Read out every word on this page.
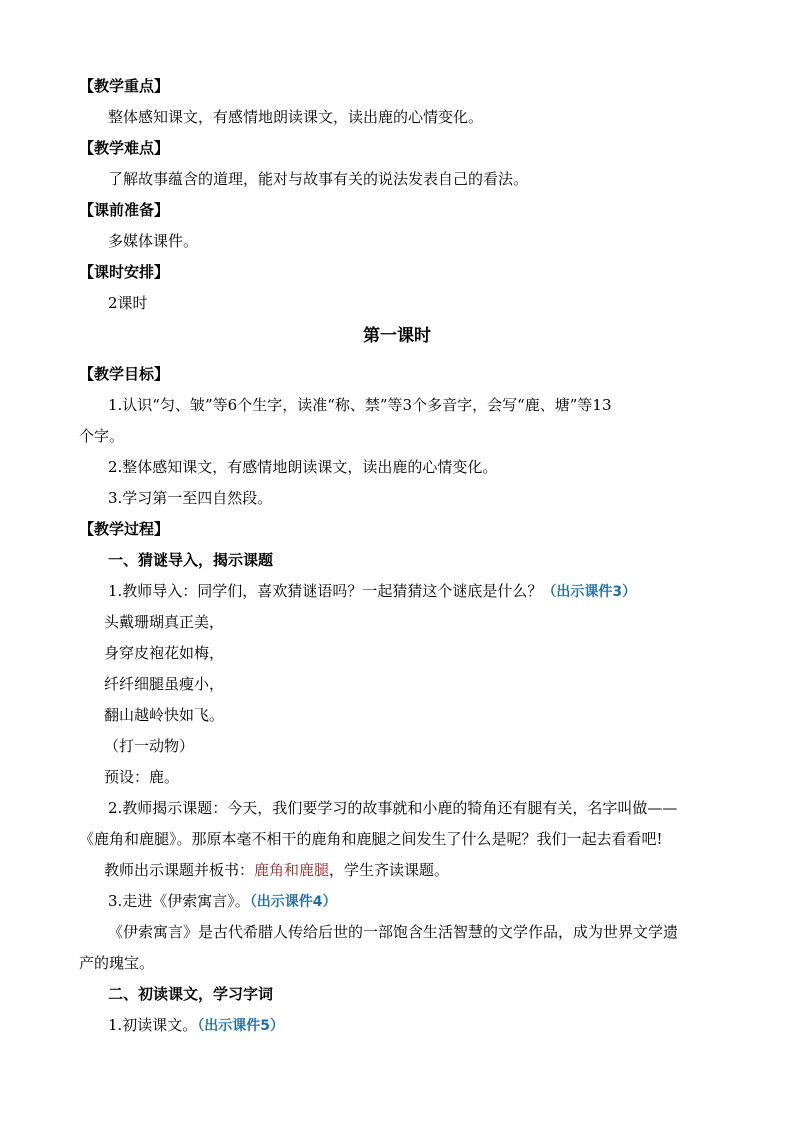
【教学重点】
整体感知课文，有感情地朗读课文，读出鹿的心情变化。
【教学难点】
了解故事蕴含的道理，能对与故事有关的说法发表自己的看法。
【课前准备】
多媒体课件。
【课时安排】
2课时
第一课时
【教学目标】
1.认识“匀、皱”等6个生字，读准“称、禁”等3个多音字，会写“鹿、塘”等13
个字。
2.整体感知课文，有感情地朗读课文，读出鹿的心情变化。
3.学习第一至四自然段。
【教学过程】
一、猜谜导入，揭示课题
1.教师导入：同学们，喜欢猜谜语吗？一起猜猜这个谜底是什么？（出示课件3）
头戴珊瑚真正美，
身穿皮袍花如梅，
纤纤细腿虽瘦小，
翻山越岭快如飞。
（打一动物）
预设：鹿。
2.教师揭示课题：今天，我们要学习的故事就和小鹿的犄角还有腿有关，名字叫做——
《鹿角和鹿腿》。那原本毫不相干的鹿角和鹿腿之间发生了什么是呢？我们一起去看看吧!
教师出示课题并板书：鹿角和鹿腿，学生齐读课题。
3.走进《伊索寓言》。（出示课件4）
《伊索寓言》是古代希腊人传给后世的一部饱含生活智慧的文学作品，成为世界文学遗
产的瑰宝。
二、初读课文，学习字词
1.初读课文。（出示课件5）
